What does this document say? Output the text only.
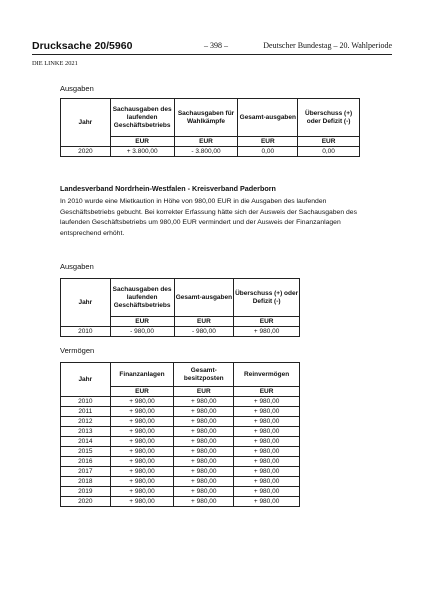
Drucksache 20/5960	– 398 –	Deutscher Bundestag – 20. Wahlperiode
DIE LINKE 2021
Ausgaben
Jahr	Sachausgaben des laufenden Geschäftsbetriebs	Sachausgaben für Wahlkämpfe	Gesamt-ausgaben	Überschuss (+) oder Defizit (-)
	EUR	EUR	EUR	EUR
2020	+ 3.800,00	- 3.800,00	0,00	0,00
Landesverband Nordrhein-Westfalen - Kreisverband Paderborn
In 2010 wurde eine Mietkaution in Höhe von 980,00 EUR in die Ausgaben des laufenden Geschäftsbetriebs gebucht. Bei korrekter Erfassung hätte sich der Ausweis der Sachausgaben des laufenden Geschäftsbetriebs um 980,00 EUR vermindert und der Ausweis der Finanzanlagen entsprechend erhöht.
Ausgaben
Jahr	Sachausgaben des laufenden Geschäftsbetriebs	Gesamt-ausgaben	Überschuss (+) oder Defizit (-)
	EUR	EUR	EUR
2010	- 980,00	- 980,00	+ 980,00
Vermögen
Jahr	Finanzanlagen	Gesamt-besitzposten	Reinvermögen
	EUR	EUR	EUR
2010	+ 980,00	+ 980,00	+ 980,00
2011	+ 980,00	+ 980,00	+ 980,00
2012	+ 980,00	+ 980,00	+ 980,00
2013	+ 980,00	+ 980,00	+ 980,00
2014	+ 980,00	+ 980,00	+ 980,00
2015	+ 980,00	+ 980,00	+ 980,00
2016	+ 980,00	+ 980,00	+ 980,00
2017	+ 980,00	+ 980,00	+ 980,00
2018	+ 980,00	+ 980,00	+ 980,00
2019	+ 980,00	+ 980,00	+ 980,00
2020	+ 980,00	+ 980,00	+ 980,00
